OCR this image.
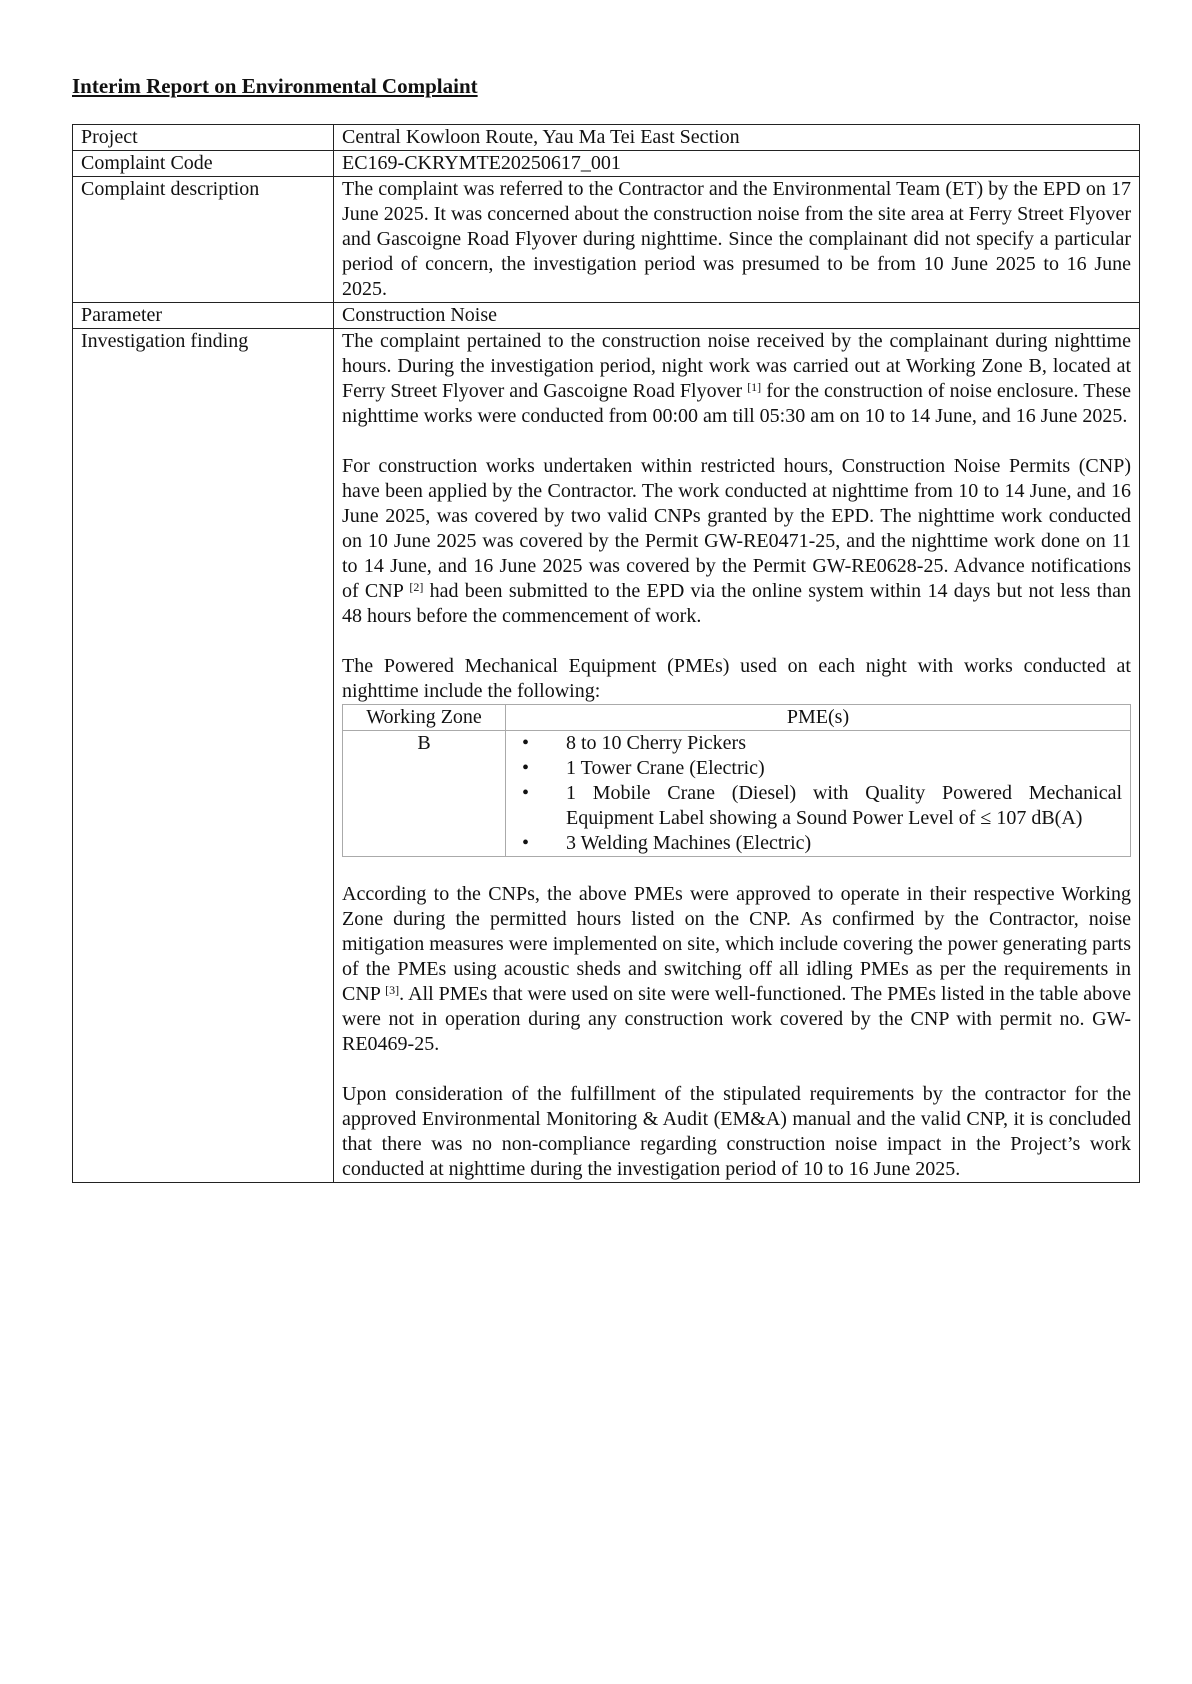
Interim Report on Environmental Complaint
Project	Central Kowloon Route, Yau Ma Tei East Section
Complaint Code	EC169-CKRYMTE20250617_001
Complaint description	The complaint was referred to the Contractor and the Environmental Team (ET) by the EPD on 17 June 2025. It was concerned about the construction noise from the site area at Ferry Street Flyover and Gascoigne Road Flyover during nighttime. Since the complainant did not specify a particular period of concern, the investigation period was presumed to be from 10 June 2025 to 16 June 2025.
Parameter	Construction Noise
Investigation finding	The complaint pertained to the construction noise received by the complainant during nighttime hours. During the investigation period, night work was carried out at Working Zone B, located at Ferry Street Flyover and Gascoigne Road Flyover [1] for the construction of noise enclosure. These nighttime works were conducted from 00:00 am till 05:30 am on 10 to 14 June, and 16 June 2025.

For construction works undertaken within restricted hours, Construction Noise Permits (CNP) have been applied by the Contractor. The work conducted at nighttime from 10 to 14 June, and 16 June 2025, was covered by two valid CNPs granted by the EPD. The nighttime work conducted on 10 June 2025 was covered by the Permit GW-RE0471-25, and the nighttime work done on 11 to 14 June, and 16 June 2025 was covered by the Permit GW-RE0628-25. Advance notifications of CNP [2] had been submitted to the EPD via the online system within 14 days but not less than 48 hours before the commencement of work.

The Powered Mechanical Equipment (PMEs) used on each night with works conducted at nighttime include the following:

Working Zone	PME(s)
B	• 8 to 10 Cherry Pickers
• 1 Tower Crane (Electric)
• 1 Mobile Crane (Diesel) with Quality Powered Mechanical Equipment Label showing a Sound Power Level of ≤ 107 dB(A)
• 3 Welding Machines (Electric)

According to the CNPs, the above PMEs were approved to operate in their respective Working Zone during the permitted hours listed on the CNP. As confirmed by the Contractor, noise mitigation measures were implemented on site, which include covering the power generating parts of the PMEs using acoustic sheds and switching off all idling PMEs as per the requirements in CNP [3]. All PMEs that were used on site were well-functioned. The PMEs listed in the table above were not in operation during any construction work covered by the CNP with permit no. GW-RE0469-25.

Upon consideration of the fulfillment of the stipulated requirements by the contractor for the approved Environmental Monitoring & Audit (EM&A) manual and the valid CNP, it is concluded that there was no non-compliance regarding construction noise impact in the Project’s work conducted at nighttime during the investigation period of 10 to 16 June 2025.
